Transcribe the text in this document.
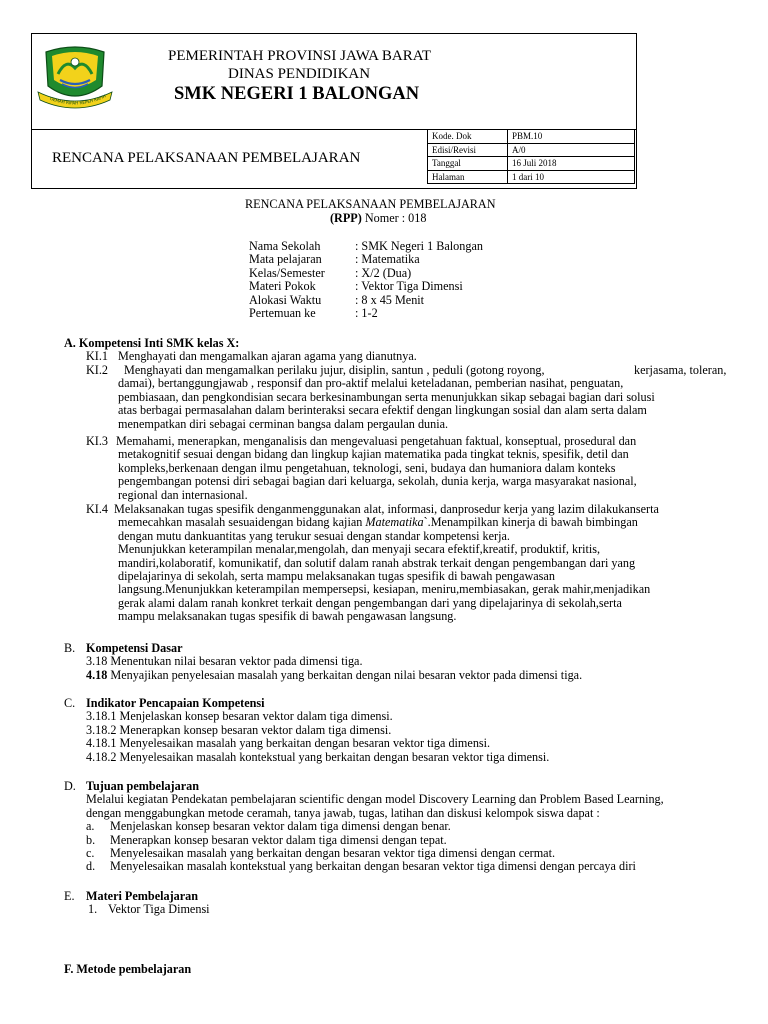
GEMAH RIPAH REPEH RAPIH
PEMERINTAH PROVINSI JAWA BARAT
DINAS PENDIDIKAN
SMK NEGERI 1 BALONGAN
RENCANA PELAKSANAAN PEMBELAJARAN
Kode. Dok	PBM.10
Edisi/Revisi	A/0
Tanggal	16 Juli 2018
Halaman	1 dari 10
RENCANA PELAKSANAAN PEMBELAJARAN
(RPP) Nomer : 018
Nama Sekolah	: SMK Negeri 1 Balongan
Mata pelajaran	: Matematika
Kelas/Semester : X/2 (Dua)
Materi Pokok	: Vektor Tiga Dimensi
Alokasi Waktu	: 8 x 45 Menit
Pertemuan ke	: 1-2
A. Kompetensi Inti SMK kelas X:
KI.1 Menghayati dan mengamalkan ajaran agama yang dianutnya.
KI.2 Menghayati dan mengamalkan perilaku jujur, disiplin, santun , peduli (gotong royong,	kerjasama, toleran,
damai), bertanggungjawab , responsif dan pro-aktif melalui keteladanan, pemberian nasihat, penguatan,
pembiasaan, dan pengkondisian secara berkesinambungan serta menunjukkan sikap sebagai bagian dari solusi
atas berbagai permasalahan dalam berinteraksi secara efektif dengan lingkungan sosial dan alam serta dalam
menempatkan diri sebagai cerminan bangsa dalam pergaulan dunia.
KI.3 Memahami, menerapkan, menganalisis dan mengevaluasi pengetahuan faktual, konseptual, prosedural dan
metakognitif sesuai dengan bidang dan lingkup kajian matematika pada tingkat teknis, spesifik, detil dan
kompleks,berkenaan dengan ilmu pengetahuan, teknologi, seni, budaya dan humaniora dalam konteks
pengembangan potensi diri sebagai bagian dari keluarga, sekolah, dunia kerja, warga masyarakat nasional,
regional dan internasional.
KI.4 Melaksanakan tugas spesifik denganmenggunakan alat, informasi, danprosedur kerja yang lazim dilakukanserta
memecahkan masalah sesuaidengan bidang kajian Matematika`.Menampilkan kinerja di bawah bimbingan
dengan mutu dankuantitas yang terukur sesuai dengan standar kompetensi kerja.
Menunjukkan keterampilan menalar,mengolah, dan menyaji secara efektif,kreatif, produktif, kritis,
mandiri,kolaboratif, komunikatif, dan solutif dalam ranah abstrak terkait dengan pengembangan dari yang
dipelajarinya di sekolah, serta mampu melaksanakan tugas spesifik di bawah pengawasan
langsung.Menunjukkan keterampilan mempersepsi, kesiapan, meniru,membiasakan, gerak mahir,menjadikan
gerak alami dalam ranah konkret terkait dengan pengembangan dari yang dipelajarinya di sekolah,serta
mampu melaksanakan tugas spesifik di bawah pengawasan langsung.
B. Kompetensi Dasar
3.18 Menentukan nilai besaran vektor pada dimensi tiga.
4.18 Menyajikan penyelesaian masalah yang berkaitan dengan nilai besaran vektor pada dimensi tiga.
C. Indikator Pencapaian Kompetensi
3.18.1 Menjelaskan konsep besaran vektor dalam tiga dimensi.
3.18.2 Menerapkan konsep besaran vektor dalam tiga dimensi.
4.18.1 Menyelesaikan masalah yang berkaitan dengan besaran vektor tiga dimensi.
4.18.2 Menyelesaikan masalah kontekstual yang berkaitan dengan besaran vektor tiga dimensi.
D. Tujuan pembelajaran
Melalui kegiatan Pendekatan pembelajaran scientific dengan model Discovery Learning dan Problem Based Learning,
dengan menggabungkan metode ceramah, tanya jawab, tugas, latihan dan diskusi kelompok siswa dapat :
a. Menjelaskan konsep besaran vektor dalam tiga dimensi dengan benar.
b. Menerapkan konsep besaran vektor dalam tiga dimensi dengan tepat.
c. Menyelesaikan masalah yang berkaitan dengan besaran vektor tiga dimensi dengan cermat.
d. Menyelesaikan masalah kontekstual yang berkaitan dengan besaran vektor tiga dimensi dengan percaya diri
E. Materi Pembelajaran
1. Vektor Tiga Dimensi
F. Metode pembelajaran
